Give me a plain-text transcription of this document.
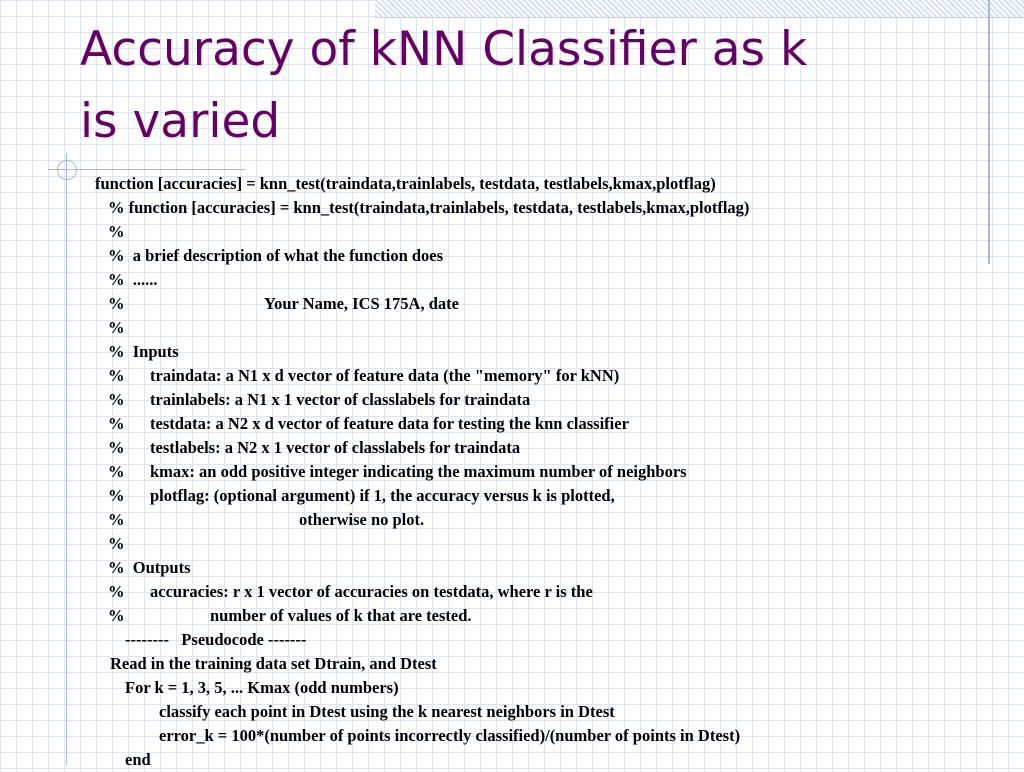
Accuracy of kNN Classifier as k
is varied
function [accuracies] = knn_test(traindata,trainlabels, testdata, testlabels,kmax,plotflag)
% function [accuracies] = knn_test(traindata,trainlabels, testdata, testlabels,kmax,plotflag)
%
%  a brief description of what the function does
%  ......
%	Your Name, ICS 175A, date
%
%  Inputs
% traindata: a N1 x d vector of feature data (the "memory" for kNN)
% trainlabels: a N1 x 1 vector of classlabels for traindata
% testdata: a N2 x d vector of feature data for testing the knn classifier
% testlabels: a N2 x 1 vector of classlabels for traindata
% kmax: an odd positive integer indicating the maximum number of neighbors
% plotflag: (optional argument) if 1, the accuracy versus k is plotted,
%	otherwise no plot.
%
%  Outputs
% accuracies: r x 1 vector of accuracies on testdata, where r is the
%	number of values of k that are tested.
--------   Pseudocode -------
Read in the training data set Dtrain, and Dtest
For k = 1, 3, 5, ... Kmax (odd numbers)
classify each point in Dtest using the k nearest neighbors in Dtest
error_k = 100*(number of points incorrectly classified)/(number of points in Dtest)
end
